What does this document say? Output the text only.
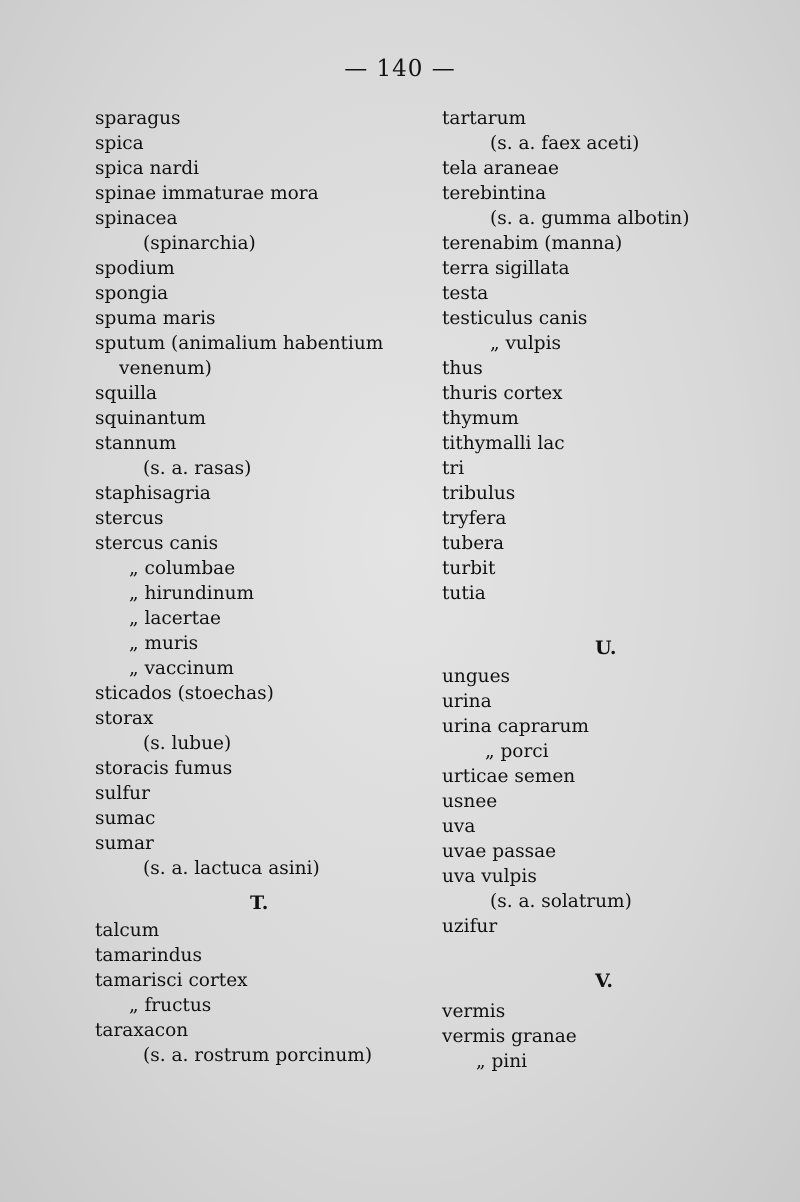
— 140 —
sparagus
spica
spica nardi
spinae immaturae mora
spinacea
(spinarchia)
spodium
spongia
spuma maris
sputum (animalium habentium
venenum)
squilla
squinantum
stannum
(s. a. rasas)
staphisagria
stercus
stercus canis
„ columbae
„ hirundinum
„ lacertae
„ muris
„ vaccinum
sticados (stoechas)
storax
(s. lubue)
storacis fumus
sulfur
sumac
sumar
(s. a. lactuca asini)
T.
talcum
tamarindus
tamarisci cortex
„ fructus
taraxacon
(s. a. rostrum porcinum)
tartarum
(s. a. faex aceti)
tela araneae
terebintina
(s. a. gumma albotin)
terenabim (manna)
terra sigillata
testa
testiculus canis
„ vulpis
thus
thuris cortex
thymum
tithymalli lac
tri
tribulus
tryfera
tubera
turbit
tutia
U.
ungues
urina
urina caprarum
„ porci
urticae semen
usnee
uva
uvae passae
uva vulpis
(s. a. solatrum)
uzifur
V.
vermis
vermis granae
„ pini
